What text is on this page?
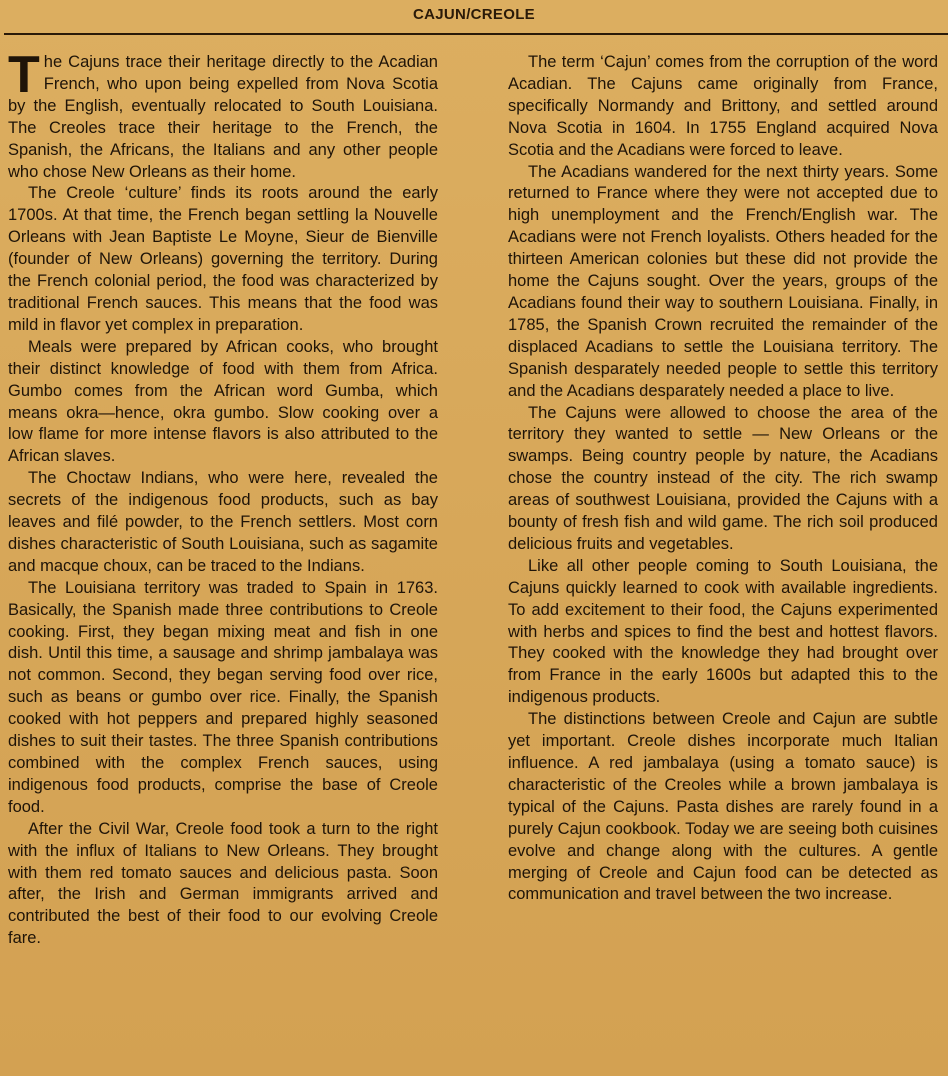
CAJUN/CREOLE

The Cajuns trace their heritage directly to the Acadian French, who upon being expelled from Nova Scotia by the English, eventually relocated to South Louisiana. The Creoles trace their heritage to the French, the Spanish, the Africans, the Italians and any other people who chose New Orleans as their home.

The Creole ‘culture’ finds its roots around the early 1700s. At that time, the French began settling la Nouvelle Orleans with Jean Baptiste Le Moyne, Sieur de Bienville (founder of New Orleans) governing the territory. During the French colonial period, the food was characterized by traditional French sauces. This means that the food was mild in flavor yet complex in preparation.

Meals were prepared by African cooks, who brought their distinct knowledge of food with them from Africa. Gumbo comes from the African word Gumba, which means okra—hence, okra gumbo. Slow cooking over a low flame for more intense flavors is also attributed to the African slaves.

The Choctaw Indians, who were here, revealed the secrets of the indigenous food products, such as bay leaves and filé powder, to the French settlers. Most corn dishes characteristic of South Louisiana, such as sagamite and macque choux, can be traced to the Indians.

The Louisiana territory was traded to Spain in 1763. Basically, the Spanish made three contributions to Creole cooking. First, they began mixing meat and fish in one dish. Until this time, a sausage and shrimp jambalaya was not common. Second, they began serving food over rice, such as beans or gumbo over rice. Finally, the Spanish cooked with hot peppers and prepared highly seasoned dishes to suit their tastes. The three Spanish contributions combined with the complex French sauces, using indigenous food products, comprise the base of Creole food.

After the Civil War, Creole food took a turn to the right with the influx of Italians to New Orleans. They brought with them red tomato sauces and delicious pasta. Soon after, the Irish and German immigrants arrived and contributed the best of their food to our evolving Creole fare.

The term ‘Cajun’ comes from the corruption of the word Acadian. The Cajuns came originally from France, specifically Normandy and Brittony, and settled around Nova Scotia in 1604. In 1755 England acquired Nova Scotia and the Acadians were forced to leave.

The Acadians wandered for the next thirty years. Some returned to France where they were not accepted due to high unemployment and the French/English war. The Acadians were not French loyalists. Others headed for the thirteen American colonies but these did not provide the home the Cajuns sought. Over the years, groups of the Acadians found their way to southern Louisiana. Finally, in 1785, the Spanish Crown recruited the remainder of the displaced Acadians to settle the Louisiana territory. The Spanish desparately needed people to settle this territory and the Acadians desparately needed a place to live.

The Cajuns were allowed to choose the area of the territory they wanted to settle — New Orleans or the swamps. Being country people by nature, the Acadians chose the country instead of the city. The rich swamp areas of southwest Louisiana, provided the Cajuns with a bounty of fresh fish and wild game. The rich soil produced delicious fruits and vegetables.

Like all other people coming to South Louisiana, the Cajuns quickly learned to cook with available ingredients. To add excitement to their food, the Cajuns experimented with herbs and spices to find the best and hottest flavors. They cooked with the knowledge they had brought over from France in the early 1600s but adapted this to the indigenous products.

The distinctions between Creole and Cajun are subtle yet important. Creole dishes incorporate much Italian influence. A red jambalaya (using a tomato sauce) is characteristic of the Creoles while a brown jambalaya is typical of the Cajuns. Pasta dishes are rarely found in a purely Cajun cookbook. Today we are seeing both cuisines evolve and change along with the cultures. A gentle merging of Creole and Cajun food can be detected as communication and travel between the two increase.
